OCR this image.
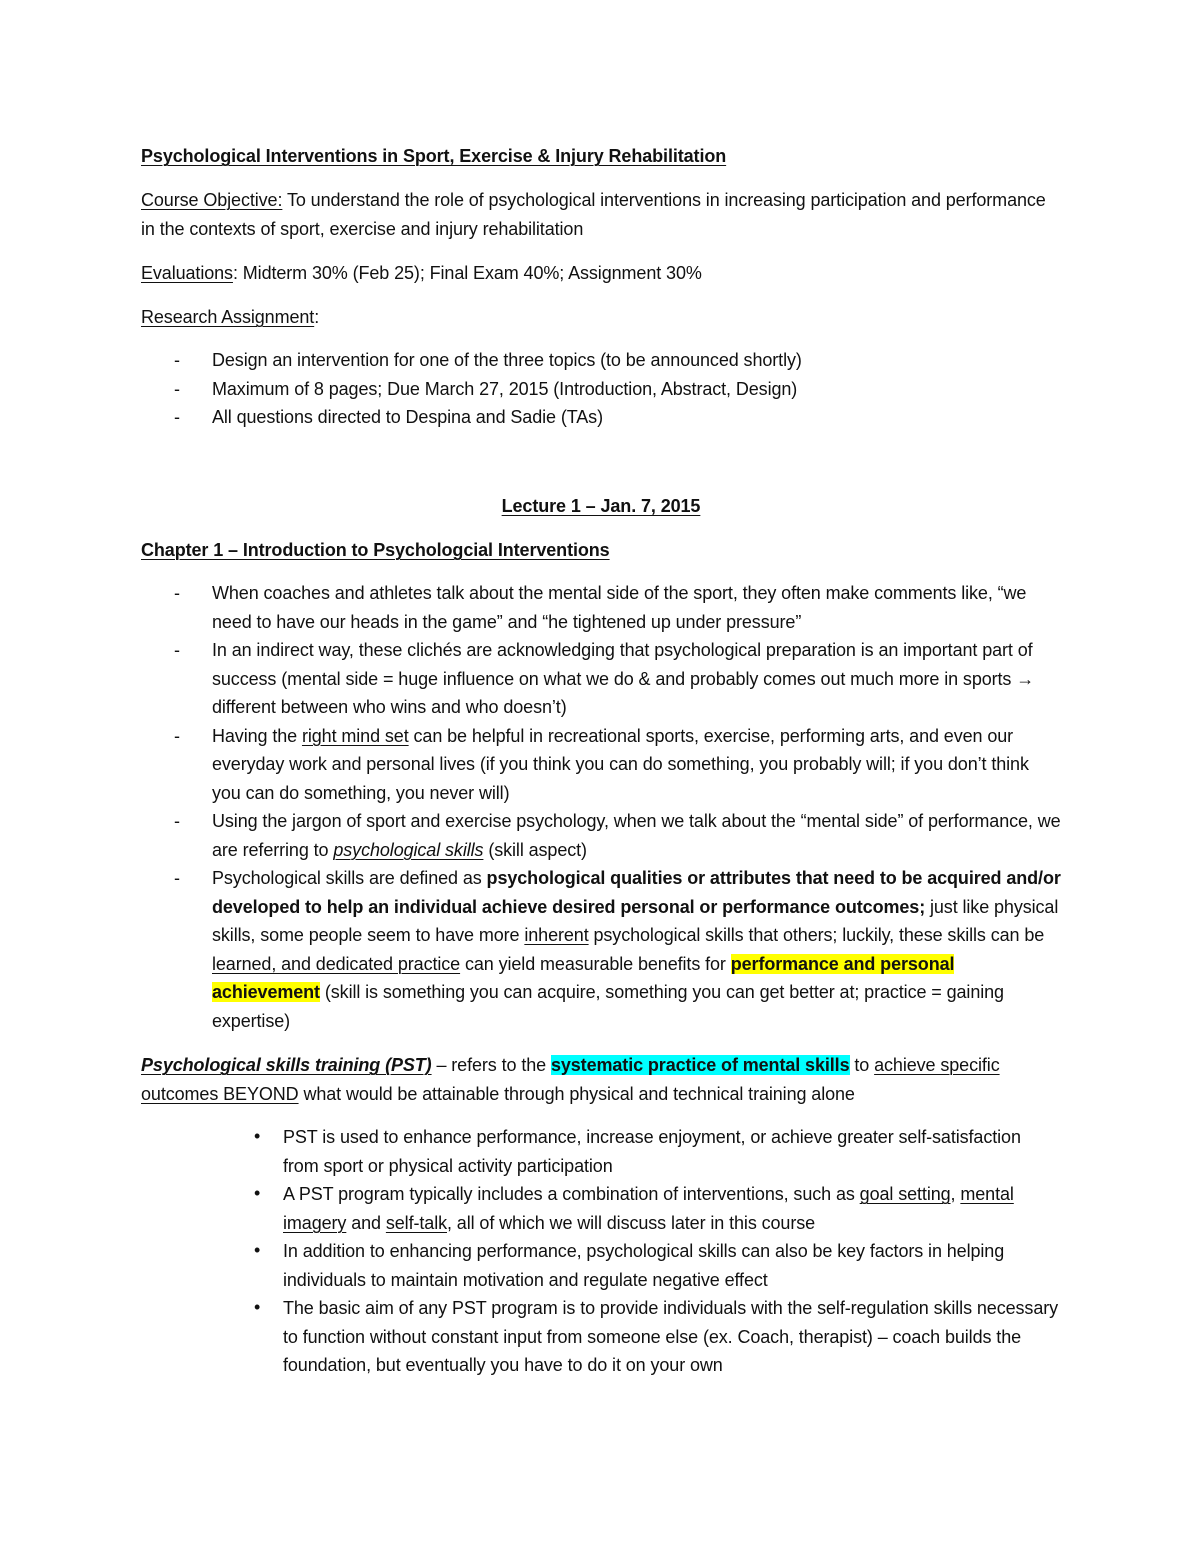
Psychological Interventions in Sport, Exercise & Injury Rehabilitation
Course Objective: To understand the role of psychological interventions in increasing participation and performance in the contexts of sport, exercise and injury rehabilitation
Evaluations: Midterm 30% (Feb 25); Final Exam 40%; Assignment 30%
Research Assignment:
- Design an intervention for one of the three topics (to be announced shortly)
- Maximum of 8 pages; Due March 27, 2015 (Introduction, Abstract, Design)
- All questions directed to Despina and Sadie (TAs)
Lecture 1 – Jan. 7, 2015
Chapter 1 – Introduction to Psychologcial Interventions
- When coaches and athletes talk about the mental side of the sport, they often make comments like, “we need to have our heads in the game” and “he tightened up under pressure”
- In an indirect way, these clichés are acknowledging that psychological preparation is an important part of success (mental side = huge influence on what we do & and probably comes out much more in sports → different between who wins and who doesn’t)
- Having the right mind set can be helpful in recreational sports, exercise, performing arts, and even our everyday work and personal lives (if you think you can do something, you probably will; if you don’t think you can do something, you never will)
- Using the jargon of sport and exercise psychology, when we talk about the “mental side” of performance, we are referring to psychological skills (skill aspect)
- Psychological skills are defined as psychological qualities or attributes that need to be acquired and/or developed to help an individual achieve desired personal or performance outcomes; just like physical skills, some people seem to have more inherent psychological skills that others; luckily, these skills can be learned, and dedicated practice can yield measurable benefits for performance and personal achievement (skill is something you can acquire, something you can get better at; practice = gaining expertise)
Psychological skills training (PST) – refers to the systematic practice of mental skills to achieve specific outcomes BEYOND what would be attainable through physical and technical training alone
• PST is used to enhance performance, increase enjoyment, or achieve greater self-satisfaction from sport or physical activity participation
• A PST program typically includes a combination of interventions, such as goal setting, mental imagery and self-talk, all of which we will discuss later in this course
• In addition to enhancing performance, psychological skills can also be key factors in helping individuals to maintain motivation and regulate negative effect
• The basic aim of any PST program is to provide individuals with the self-regulation skills necessary to function without constant input from someone else (ex. Coach, therapist) – coach builds the foundation, but eventually you have to do it on your own
